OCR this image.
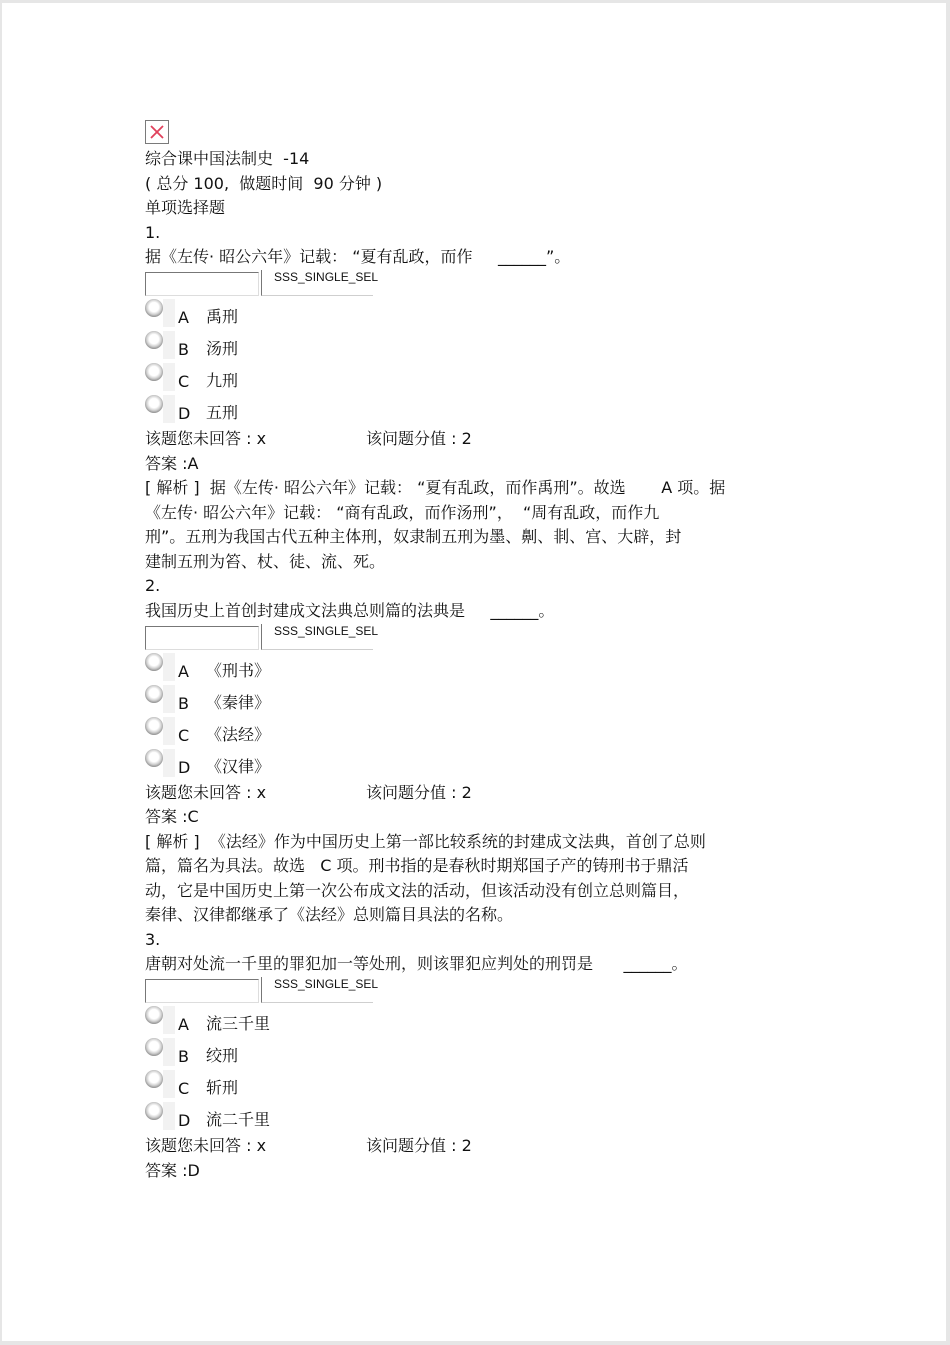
综合课中国法制史  -14
( 总分 100,  做题时间  90 分钟 )
单项选择题
1.
据《左传· 昭公六年》记载： “夏有乱政，而作     ______”。
SSS_SINGLE_SEL
A 禹刑
B 汤刑
C 九刑
D 五刑
该题您未回答 : x	该问题分值 : 2
答案 :A
[ 解析 ]  据《左传· 昭公六年》记载： “夏有乱政，而作禹刑”。故选       A 项。据
《左传· 昭公六年》记载： “商有乱政，而作汤刑”，  “周有乱政，而作九
刑”。五刑为我国古代五种主体刑，奴隶制五刑为墨、劓、剕、宫、大辟，封
建制五刑为笞、杖、徒、流、死。
2.
我国历史上首创封建成文法典总则篇的法典是     ______。
SSS_SINGLE_SEL
A 《刑书》
B 《秦律》
C 《法经》
D 《汉律》
该题您未回答 : x	该问题分值 : 2
答案 :C
[ 解析 ]  《法经》作为中国历史上第一部比较系统的封建成文法典，首创了总则
篇，篇名为具法。故选   C 项。刑书指的是春秋时期郑国子产的铸刑书于鼎活
动，它是中国历史上第一次公布成文法的活动，但该活动没有创立总则篇目，
秦律、汉律都继承了《法经》总则篇目具法的名称。
3.
唐朝对处流一千里的罪犯加一等处刑，则该罪犯应判处的刑罚是      ______。
SSS_SINGLE_SEL
A 流三千里
B 绞刑
C 斩刑
D 流二千里
该题您未回答 : x	该问题分值 : 2
答案 :D
